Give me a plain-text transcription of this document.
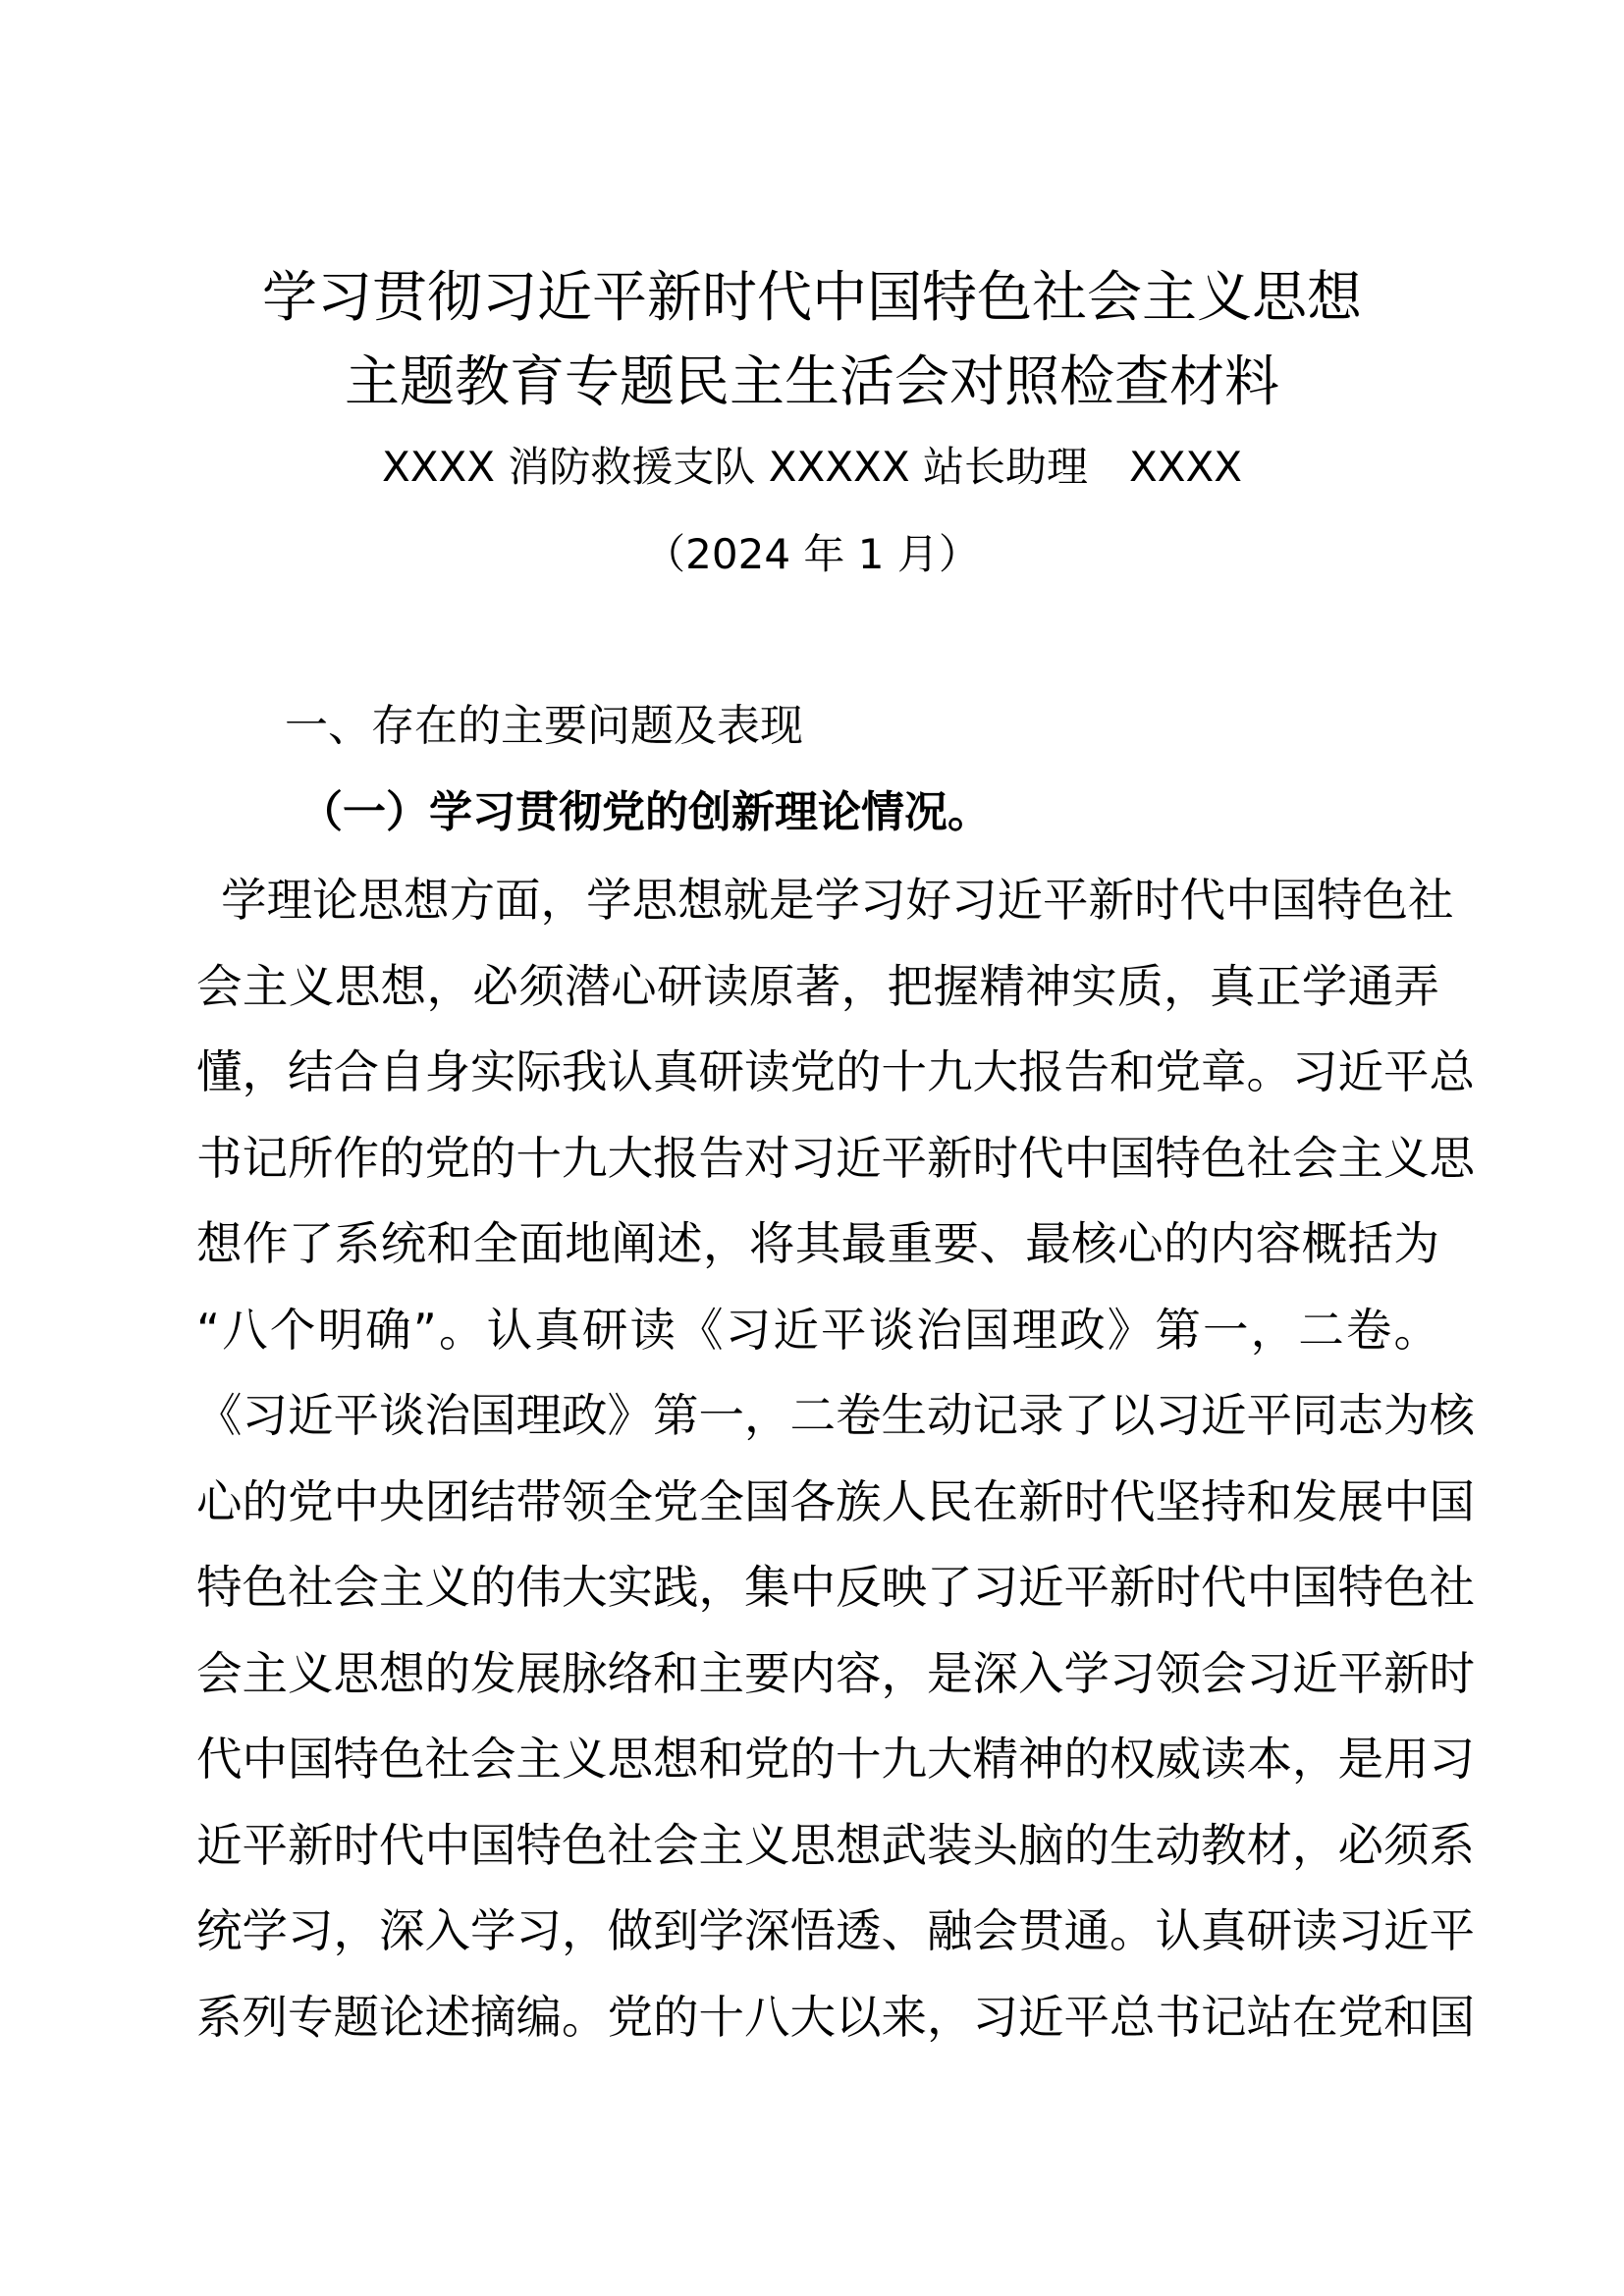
学习贯彻习近平新时代中国特色社会主义思想
主题教育专题民主生活会对照检查材料
XXXX 消防救援支队 XXXXX 站长助理　XXXX
（2024 年 1 月）
一、存在的主要问题及表现
（一）学习贯彻党的创新理论情况。
学理论思想方面，学思想就是学习好习近平新时代中国特色社
会主义思想，必须潜心研读原著，把握精神实质，真正学通弄
懂，结合自身实际我认真研读党的十九大报告和党章。习近平总
书记所作的党的十九大报告对习近平新时代中国特色社会主义思
想作了系统和全面地阐述，将其最重要、最核心的内容概括为
“八个明确”。认真研读《习近平谈治国理政》第一，二卷。
《习近平谈治国理政》第一，二卷生动记录了以习近平同志为核
心的党中央团结带领全党全国各族人民在新时代坚持和发展中国
特色社会主义的伟大实践，集中反映了习近平新时代中国特色社
会主义思想的发展脉络和主要内容，是深入学习领会习近平新时
代中国特色社会主义思想和党的十九大精神的权威读本，是用习
近平新时代中国特色社会主义思想武装头脑的生动教材，必须系
统学习，深入学习，做到学深悟透、融会贯通。认真研读习近平
系列专题论述摘编。党的十八大以来，习近平总书记站在党和国
